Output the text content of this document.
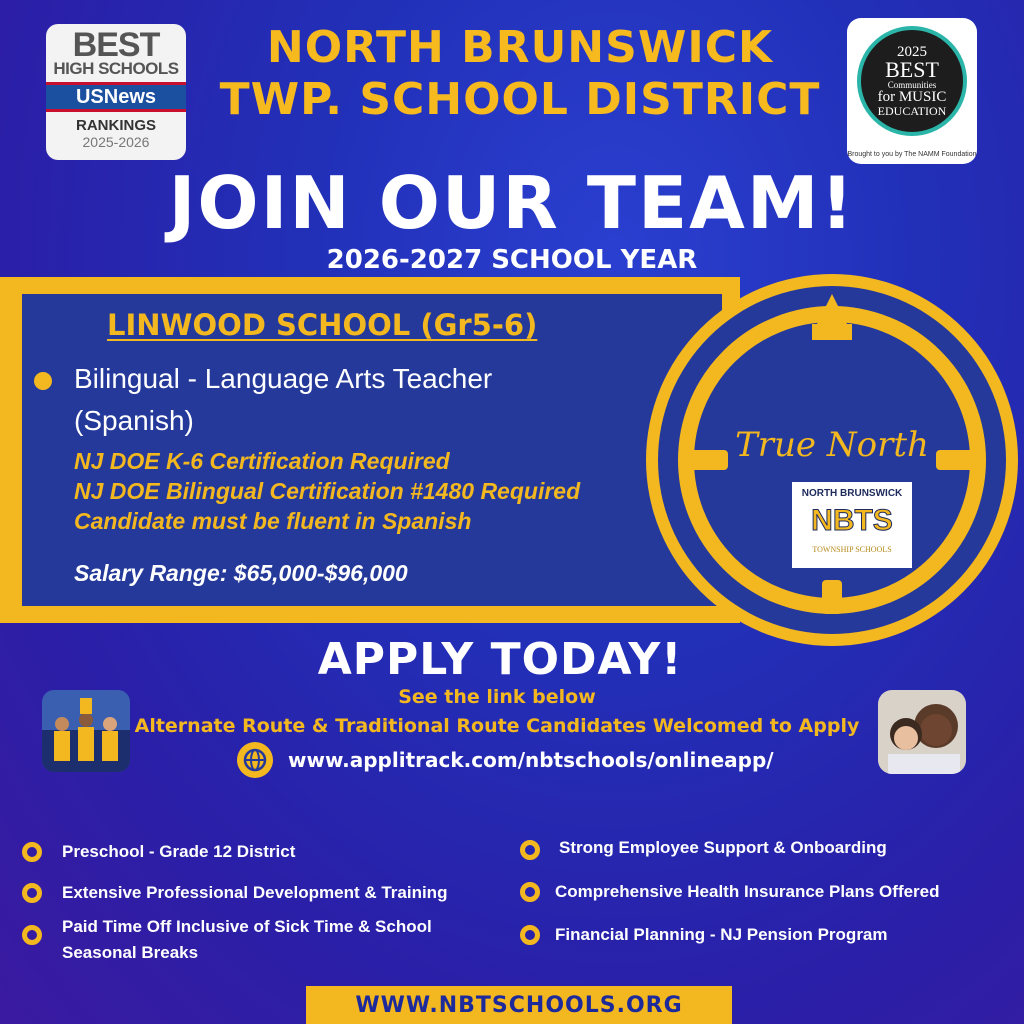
BEST
HIGH SCHOOLS
USNews
RANKINGS
2025-2026
2025
BEST
Communities
for MUSIC
EDUCATION
Brought to you by The NAMM Foundation
NORTH BRUNSWICK
TWP. SCHOOL DISTRICT
JOIN OUR TEAM!
2026-2027 SCHOOL YEAR
LINWOOD SCHOOL (Gr5-6)
Bilingual - Language Arts Teacher
(Spanish)
NJ DOE K-6 Certification Required
NJ DOE Bilingual Certification #1480 Required
Candidate must be fluent in Spanish
Salary Range: $65,000-$96,000
True North
NORTH BRUNSWICK
NBTS
TOWNSHIP SCHOOLS
APPLY TODAY!
See the link below
Alternate Route & Traditional Route Candidates Welcomed to Apply
www.applitrack.com/nbtschools/onlineapp/
Preschool - Grade 12 District
Extensive Professional Development & Training
Paid Time Off Inclusive of Sick Time & School
Seasonal Breaks
Strong Employee Support & Onboarding
Comprehensive Health Insurance Plans Offered
Financial Planning - NJ Pension Program
WWW.NBTSCHOOLS.ORG
